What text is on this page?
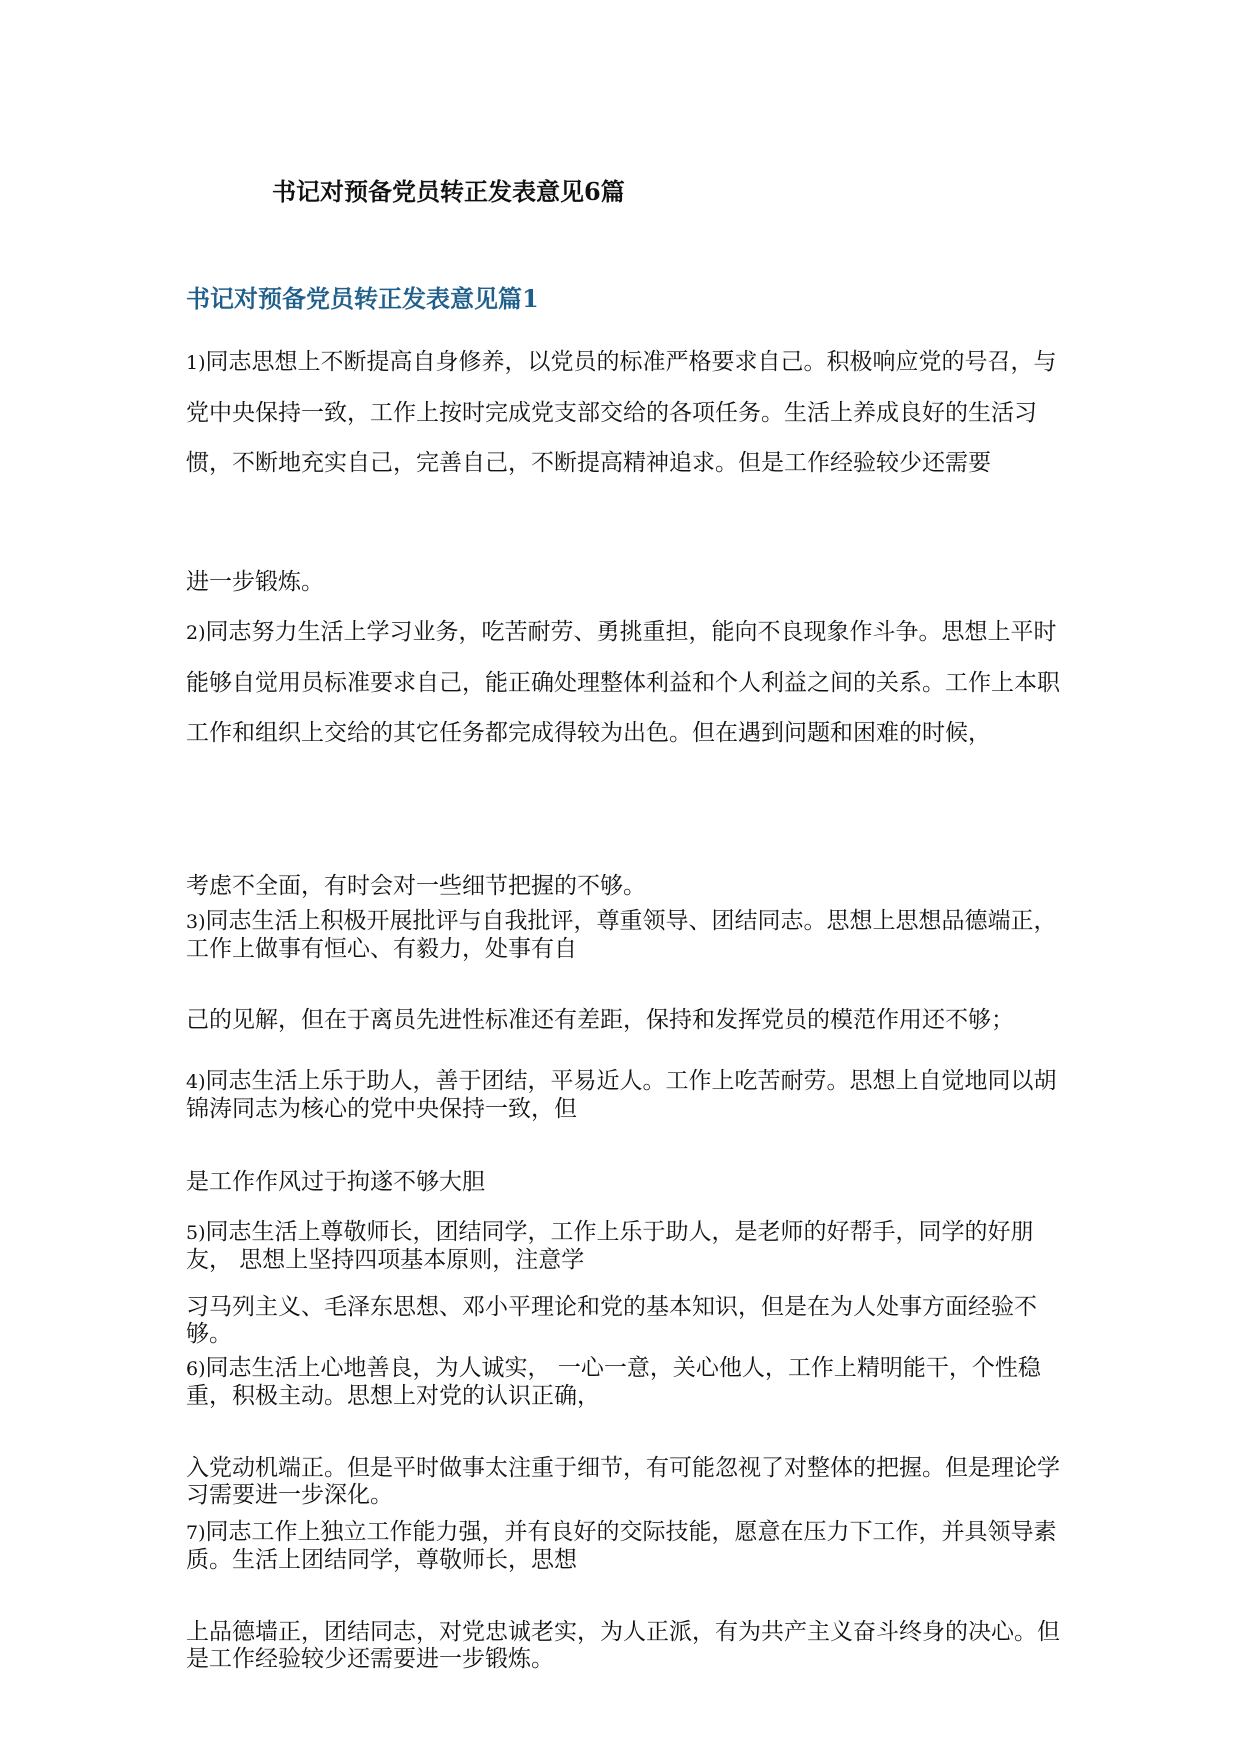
书记对预备党员转正发表意见6篇
书记对预备党员转正发表意见篇1

1)同志思想上不断提高自身修养，以党员的标准严格要求自己。积极响应党的号召，与党中央保持一致，工作上按时完成党支部交给的各项任务。生活上养成良好的生活习惯，不断地充实自己，完善自己，不断提高精神追求。但是工作经验较少还需要

进一步锻炼。

2)同志努力生活上学习业务，吃苦耐劳、勇挑重担，能向不良现象作斗争。思想上平时能够自觉用员标准要求自己，能正确处理整体利益和个人利益之间的关系。工作上本职工作和组织上交给的其它任务都完成得较为出色。但在遇到问题和困难的时候，

考虑不全面，有时会对一些细节把握的不够。

3)同志生活上积极开展批评与自我批评，尊重领导、团结同志。思想上思想品德端正，工作上做事有恒心、有毅力，处事有自

己的见解，但在于离员先进性标准还有差距，保持和发挥党员的模范作用还不够；

4)同志生活上乐于助人，善于团结，平易近人。工作上吃苦耐劳。思想上自觉地同以胡锦涛同志为核心的党中央保持一致，但

是工作作风过于拘遂不够大胆

5)同志生活上尊敬师长，团结同学，工作上乐于助人，是老师的好帮手，同学的好朋友， 思想上坚持四项基本原则，注意学

习马列主义、毛泽东思想、邓小平理论和党的基本知识，但是在为人处事方面经验不够。

6)同志生活上心地善良，为人诚实， 一心一意，关心他人，工作上精明能干，个性稳重，积极主动。思想上对党的认识正确，

入党动机端正。但是平时做事太注重于细节，有可能忽视了对整体的把握。但是理论学习需要进一步深化。

7)同志工作上独立工作能力强，并有良好的交际技能，愿意在压力下工作，并具领导素质。生活上团结同学，尊敬师长，思想

上品德墙正，团结同志，对党忠诚老实，为人正派，有为共产主义奋斗终身的决心。但是工作经验较少还需要进一步锻炼。
